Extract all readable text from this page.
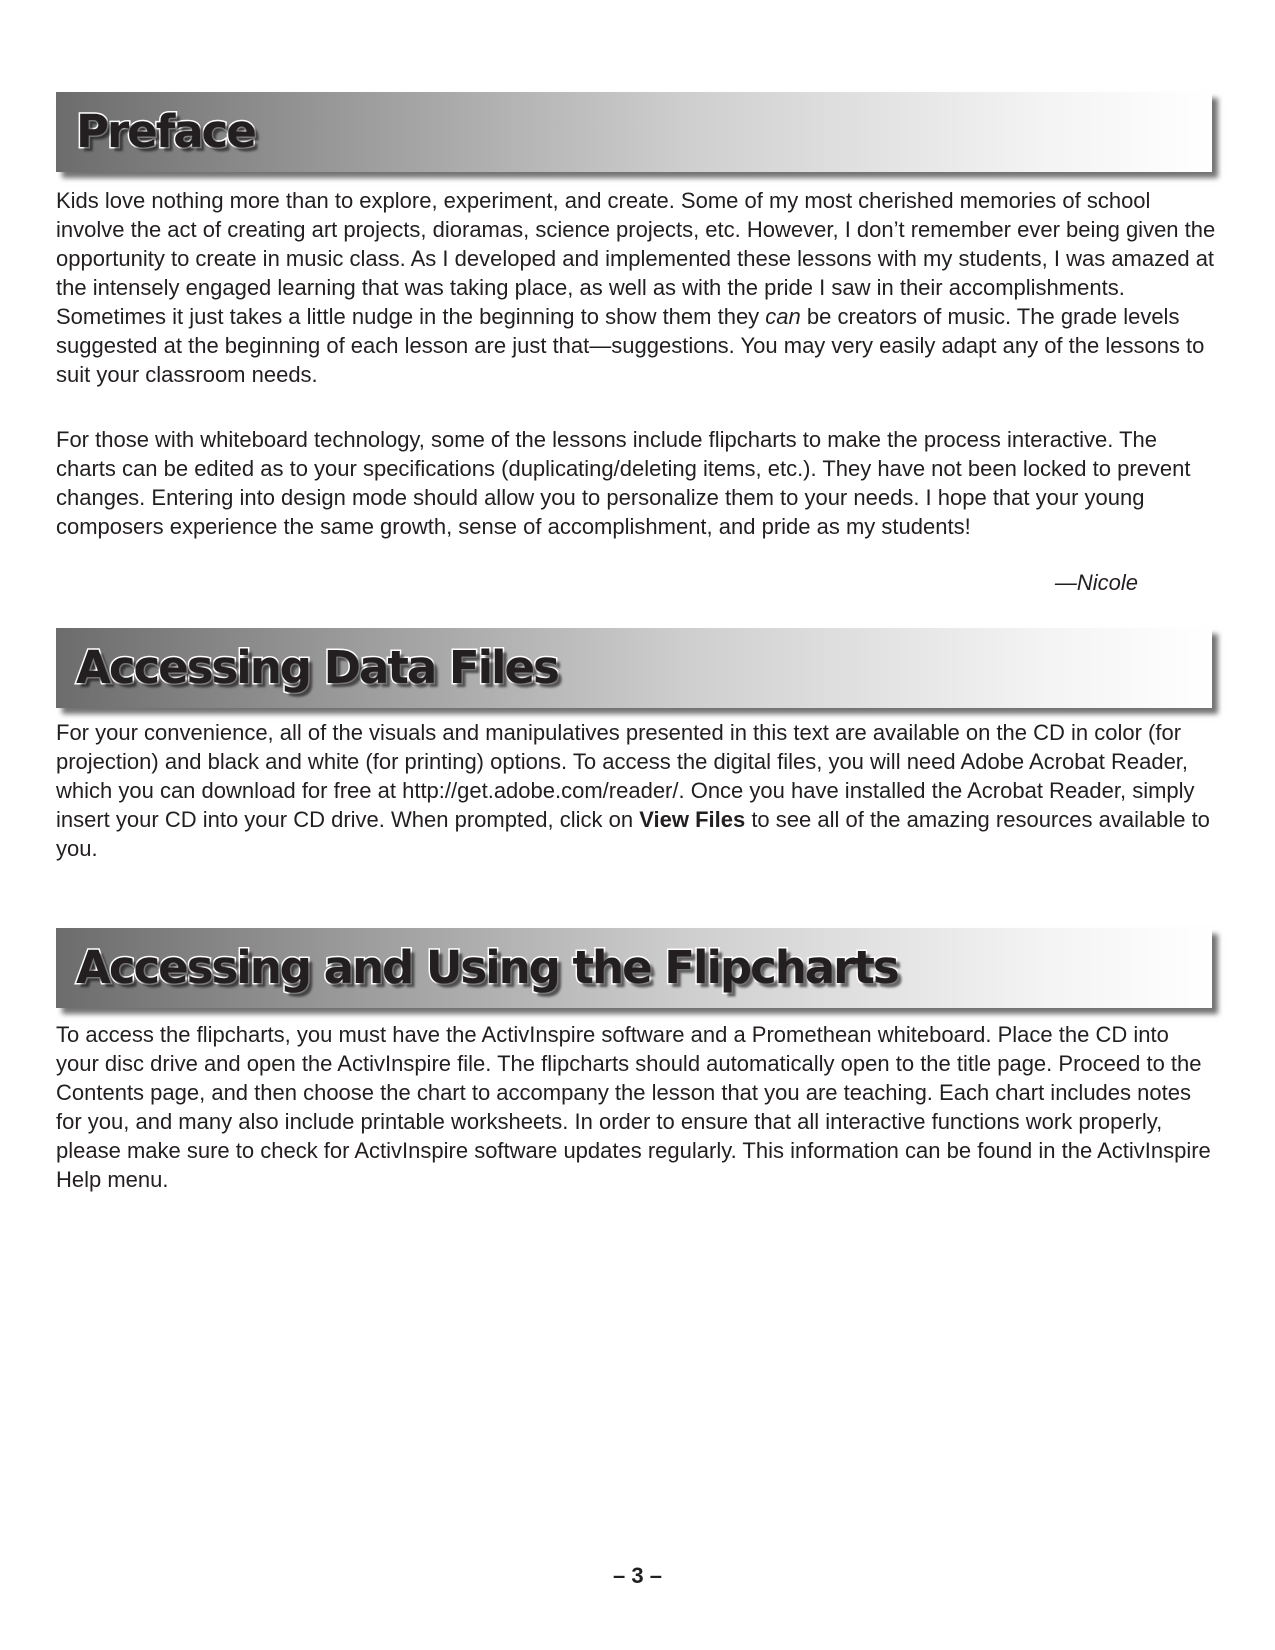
Preface

Kids love nothing more than to explore, experiment, and create. Some of my most cherished memories of school involve the act of creating art projects, dioramas, science projects, etc. However, I don’t remember ever being given the opportunity to create in music class. As I developed and implemented these lessons with my students, I was amazed at the intensely engaged learning that was taking place, as well as with the pride I saw in their accomplishments. Sometimes it just takes a little nudge in the beginning to show them they can be creators of music. The grade levels suggested at the beginning of each lesson are just that—suggestions. You may very easily adapt any of the lessons to suit your classroom needs.

For those with whiteboard technology, some of the lessons include flipcharts to make the process interactive. The charts can be edited as to your specifications (duplicating/deleting items, etc.). They have not been locked to prevent changes. Entering into design mode should allow you to personalize them to your needs. I hope that your young composers experience the same growth, sense of accomplishment, and pride as my students!

—Nicole

Accessing Data Files

For your convenience, all of the visuals and manipulatives presented in this text are available on the CD in color (for projection) and black and white (for printing) options. To access the digital files, you will need Adobe Acrobat Reader, which you can download for free at http://get.adobe.com/reader/. Once you have installed the Acrobat Reader, simply insert your CD into your CD drive. When prompted, click on View Files to see all of the amazing resources available to you.

Accessing and Using the Flipcharts

To access the flipcharts, you must have the ActivInspire software and a Promethean whiteboard. Place the CD into your disc drive and open the ActivInspire file. The flipcharts should automatically open to the title page. Proceed to the Contents page, and then choose the chart to accompany the lesson that you are teaching. Each chart includes notes for you, and many also include printable worksheets. In order to ensure that all interactive functions work properly, please make sure to check for ActivInspire software updates regularly. This information can be found in the ActivInspire Help menu.

– 3 –
